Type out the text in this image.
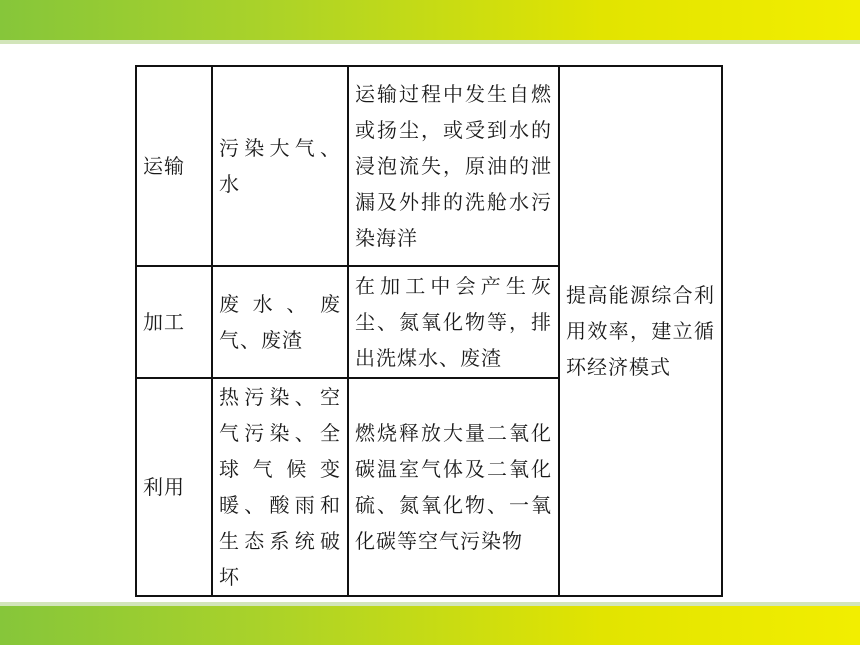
运输	污染大气、水	运输过程中发生自燃或扬尘，或受到水的浸泡流失，原油的泄漏及外排的洗舱水污染海洋	提高能源综合利用效率，建立循环经济模式
加工	废水、废气、废渣	在加工中会产生灰尘、氮氧化物等，排出洗煤水、废渣	
利用	热污染、空气污染、全球气候变暖、酸雨和生态系统破坏	燃烧释放大量二氧化碳温室气体及二氧化硫、氮氧化物、一氧化碳等空气污染物	
